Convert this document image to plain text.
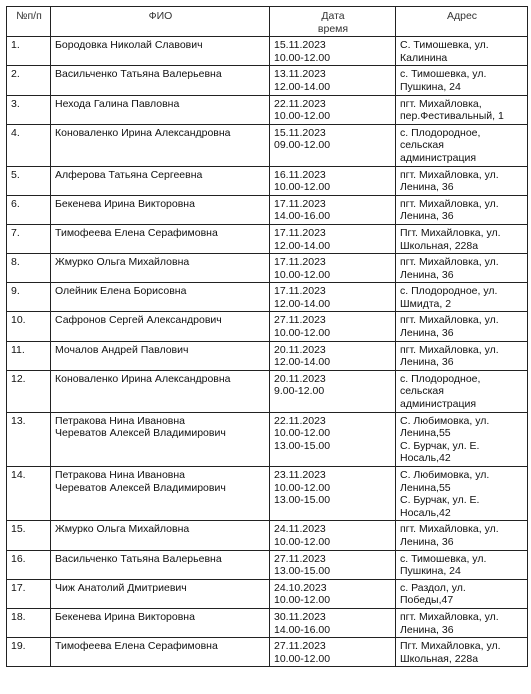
№п/п	ФИО	Дата
время	Адрес
1.	Бородовка Николай Славович	15.11.2023
10.00-12.00	С. Тимошевка, ул.
Калинина
2.	Васильченко Татьяна Валерьевна	13.11.2023
12.00-14.00	с. Тимошевка, ул.
Пушкина, 24
3.	Нехода Галина Павловна	22.11.2023
10.00-12.00	пгт. Михайловка,
пер.Фестивальный, 1
4.	Коноваленко Ирина Александровна	15.11.2023
09.00-12.00	с. Плодородное,
сельская
администрация
5.	Алферова Татьяна Сергеевна	16.11.2023
10.00-12.00	пгт. Михайловка, ул.
Ленина, 36
6.	Бекенева Ирина Викторовна	17.11.2023
14.00-16.00	пгт. Михайловка, ул.
Ленина, 36
7.	Тимофеева Елена Серафимовна	17.11.2023
12.00-14.00	Пгт. Михайловка, ул.
Школьная, 228а
8.	Жмурко Ольга Михайловна	17.11.2023
10.00-12.00	пгт. Михайловка, ул.
Ленина, 36
9.	Олейник Елена Борисовна	17.11.2023
12.00-14.00	с. Плодородное, ул.
Шмидта, 2
10.	Сафронов Сергей Александрович	27.11.2023
10.00-12.00	пгт. Михайловка, ул.
Ленина, 36
11.	Мочалов Андрей Павлович	20.11.2023
12.00-14.00	пгт. Михайловка, ул.
Ленина, 36
12.	Коноваленко Ирина Александровна	20.11.2023
9.00-12.00	с. Плодородное,
сельская
администрация
13.	Петракова Нина Ивановна
Череватов Алексей Владимирович	22.11.2023
10.00-12.00
13.00-15.00	С. Любимовка, ул.
Ленина,55
С. Бурчак, ул. Е.
Носаль,42
14.	Петракова Нина Ивановна
Череватов Алексей Владимирович	23.11.2023
10.00-12.00
13.00-15.00	С. Любимовка, ул.
Ленина,55
С. Бурчак, ул. Е.
Носаль,42
15.	Жмурко Ольга Михайловна	24.11.2023
10.00-12.00	пгт. Михайловка, ул.
Ленина, 36
16.	Васильченко Татьяна Валерьевна	27.11.2023
13.00-15.00	с. Тимошевка, ул.
Пушкина, 24
17.	Чиж Анатолий Дмитриевич	24.10.2023
10.00-12.00	с. Раздол, ул.
Победы,47
18.	Бекенева Ирина Викторовна	30.11.2023
14.00-16.00	пгт. Михайловка, ул.
Ленина, 36
19.	Тимофеева Елена Серафимовна	27.11.2023
10.00-12.00	Пгт. Михайловка, ул.
Школьная, 228а
